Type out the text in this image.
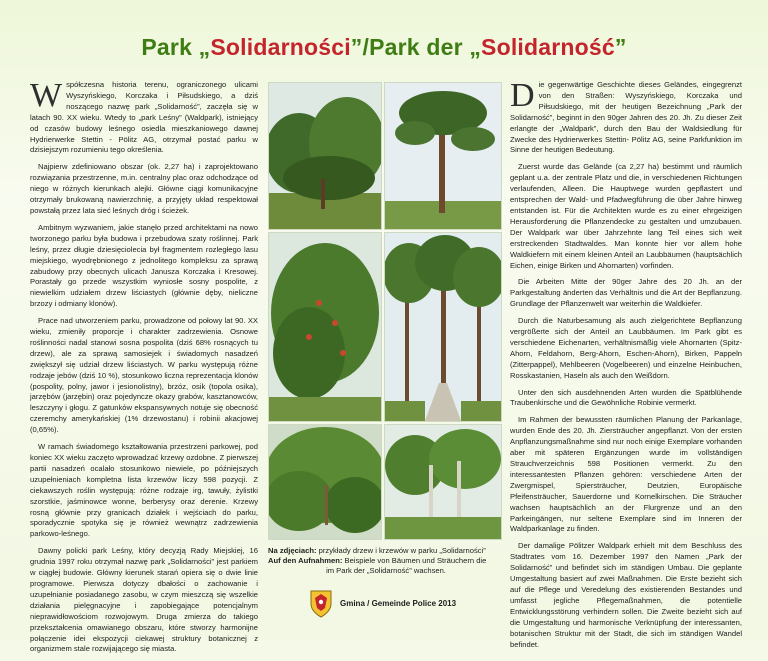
Park „Solidarności”/Park der „Solidarność”

Współczesna historia terenu, ograniczonego ulicami Wyszyńskiego, Korczaka i Piłsudskiego, a dziś noszącego nazwę park „Solidarność”, zaczęła się w latach 90. XX wieku. Wtedy to „park Leśny” (Waldpark), istniejący od czasów budowy leśnego osiedla mieszkaniowego dawnej Hydrierwerke Stettin - Pölitz AG, otrzymał postać parku w dzisiejszym rozumieniu tego określenia.

Najpierw zdefiniowano obszar (ok. 2,27 ha) i zaprojektowano rozwiązania przestrzenne, m.in. centralny plac oraz odchodzące od niego w różnych kierunkach alejki. Główne ciągi komunikacyjne otrzymały brukowaną nawierzchnię, a przyjęty układ respektował powstałą przez lata sieć leśnych dróg i ścieżek.

Ambitnym wyzwaniem, jakie stanęło przed architektami na nowo tworzonego parku była budowa i przebudowa szaty roślinnej. Park leśny, przez długie dziesięciolecia był fragmentem rozległego lasu miejskiego, wyodrębnionego z jednolitego kompleksu za sprawą zabudowy przy obecnych ulicach Janusza Korczaka i Kresowej. Porastały go przede wszystkim wyniosłe sosny pospolite, z niewielkim udziałem drzew liściastych (głównie dęby, nieliczne brzozy i odmiany klonów).

Prace nad utworzeniem parku, prowadzone od połowy lat 90. XX wieku, zmieniły proporcje i charakter zadrzewienia. Osnowe roślinności nadal stanowi sosna pospolita (dziś 68% rosnących tu drzew), ale za sprawą samosiejek i świadomych nasadzeń zwiększył się udział drzew liściastych. W parku występują różne rodzaje jebów (dziś 10 %), stosunkowo liczna reprezentacja klonów (pospolity, polny, jawor i jesionolistny), brzóz, osik (topola osika), jarzębów (jarzębin) oraz pojedyncze okazy grabów, kasztanowców, leszczyny i głogu. Z gatunków ekspansywnych notuje się obecność czeremchy amerykańskiej (1% drzewostanu) i robinii akacjowej (0,65%).

W ramach świadomego kształtowania przestrzeni parkowej, pod koniec XX wieku zaczęto wprowadzać krzewy ozdobne. Z pierwszej partii nasadzeń ocalało stosunkowo niewiele, po późniejszych uzupełnieniach kompletna lista krzewów liczy 598 pozycji. Z ciekawszych roślin występują: różne rodzaje irg, tawuły, żylistki szorstkie, jaśminowce wonne, berberysy oraz derenie. Krzewy rosną głównie przy granicach działek i wejściach do parku, sporadycznie spotyka się je również wewnątrz zadrzewienia parkowo-leśnego.

Dawny policki park Leśny, który decyzją Rady Miejskiej, 16 grudnia 1997 roku otrzymał nazwę park „Solidarności” jest parkiem w ciągłej budowie. Główny kierunek starań opiera się o dwie linie programowe. Pierwsza dotyczy dbałości o zachowanie i uzupełnianie posiadanego zasobu, w czym mieszczą się wszelkie działania pielęgnacyjne i zapobiegające potencjalnym nieprawidłowościom rozwojowym. Druga zmierza do takiego przekształcenia omawianego obszaru, które stworzy harmonijne połączenie idei ekspozycji ciekawej struktury botanicznej z organizmem stale rozwijającego się miasta.

Die gegenwärtige Geschichte dieses Geländes, eingegrenzt von den Straßen: Wyszyńskiego, Korczaka und Piłsudskiego, mit der heutigen Bezeichnung „Park der Solidarność”, beginnt in den 90ger Jahren des 20. Jh. Zu dieser Zeit erlangte der „Waldpark”, durch den Bau der Waldsiedlung für Zwecke des Hydrierwerkes Stettin- Pölitz AG, seine Parkfunktion im Sinne der heutigen Bedeutung.

Zuerst wurde das Gelände (ca 2,27 ha) bestimmt und räumlich geplant u.a. der zentrale Platz und die, in verschiedenen Richtungen verlaufenden, Alleen. Die Hauptwege wurden gepflastert und entsprechen der Wald- und Pfadwegführung die über Jahre hinweg entstanden ist. Für die Architekten wurde es zu einer ehrgeizigen Herausforderung die Pflanzendecke zu gestalten und umzubauen. Der Waldpark war über Jahrzehnte lang Teil eines sich weit erstreckenden Stadtwaldes. Man konnte hier vor allem hohe Waldkiefern mit einem kleinen Anteil an Laubbäumen (hauptsächlich Eichen, einige Birken und Ahornarten) vorfinden.

Die Arbeiten Mitte der 90ger Jahre des 20 Jh. an der Parkgestaltung änderten das Verhältnis und die Art der Bepflanzung. Grundlage der Pflanzenwelt war weiterhin die Waldkiefer.

Durch die Naturbesamung als auch zielgerichtete Bepflanzung vergrößerte sich der Anteil an Laubbäumen. Im Park gibt es verschiedene Eichenarten, verhältnismäßig viele Ahornarten (Spitz-Ahorn, Feldahorn, Berg-Ahorn, Eschen-Ahorn), Birken, Pappeln (Zitterpappel), Mehlbeeren (Vogelbeeren) und einzelne Heinbuchen, Rosskastanien, Haseln als auch den Weißdorn.

Unter den sich ausdehnenden Arten wurden die Spätblühende Traubenkirsche und die Gewöhnliche Robinie vermerkt.

Im Rahmen der bewussten räumlichen Planung der Parkanlage, wurden Ende des 20. Jh. Ziersträucher angepflanzt. Von der ersten Anpflanzungsmaßnahme sind nur noch einige Exemplare vorhanden aber mit späteren Ergänzungen wurde im vollständigen Strauchverzeichnis 598 Positionen vermerkt. Zu den interessantesten Pflanzen gehören: verschiedene Arten der Zwergmispel, Spiersträucher, Deutzien, Europäische Pfeifensträucher, Sauerdorne und Kornelkirschen. Die Sträucher wachsen hauptsächlich an der Flurgrenze und an den Parkeingängen, nur seltene Exemplare sind im Inneren der Waldparkanlage zu finden.

Der damalige Pölitzer Waldpark erhielt mit dem Beschluss des Stadtrates vom 16. Dezember 1997 den Namen „Park der Solidarność” und befindet sich im ständigen Umbau. Die geplante Umgestaltung basiert auf zwei Maßnahmen. Die Erste bezieht sich auf die Pflege und Veredelung des existierenden Bestandes und umfasst jegliche Pflegemaßnahmen, die potentielle Entwicklungsstörung verhindern sollen. Die Zweite bezieht sich auf die Umgestaltung und harmonische Verknüpfung der interessanten, botanischen Struktur mit der Stadt, die sich im ständigen Wandel befindet.

Na zdjęciach: przykłady drzew i krzewów w parku „Solidarności”
Auf den Aufnahmen: Beispiele von Bäumen und Sträuchern die
im Park der „Solidarność” wachsen.
Gmina / Gemeinde Police 2013
